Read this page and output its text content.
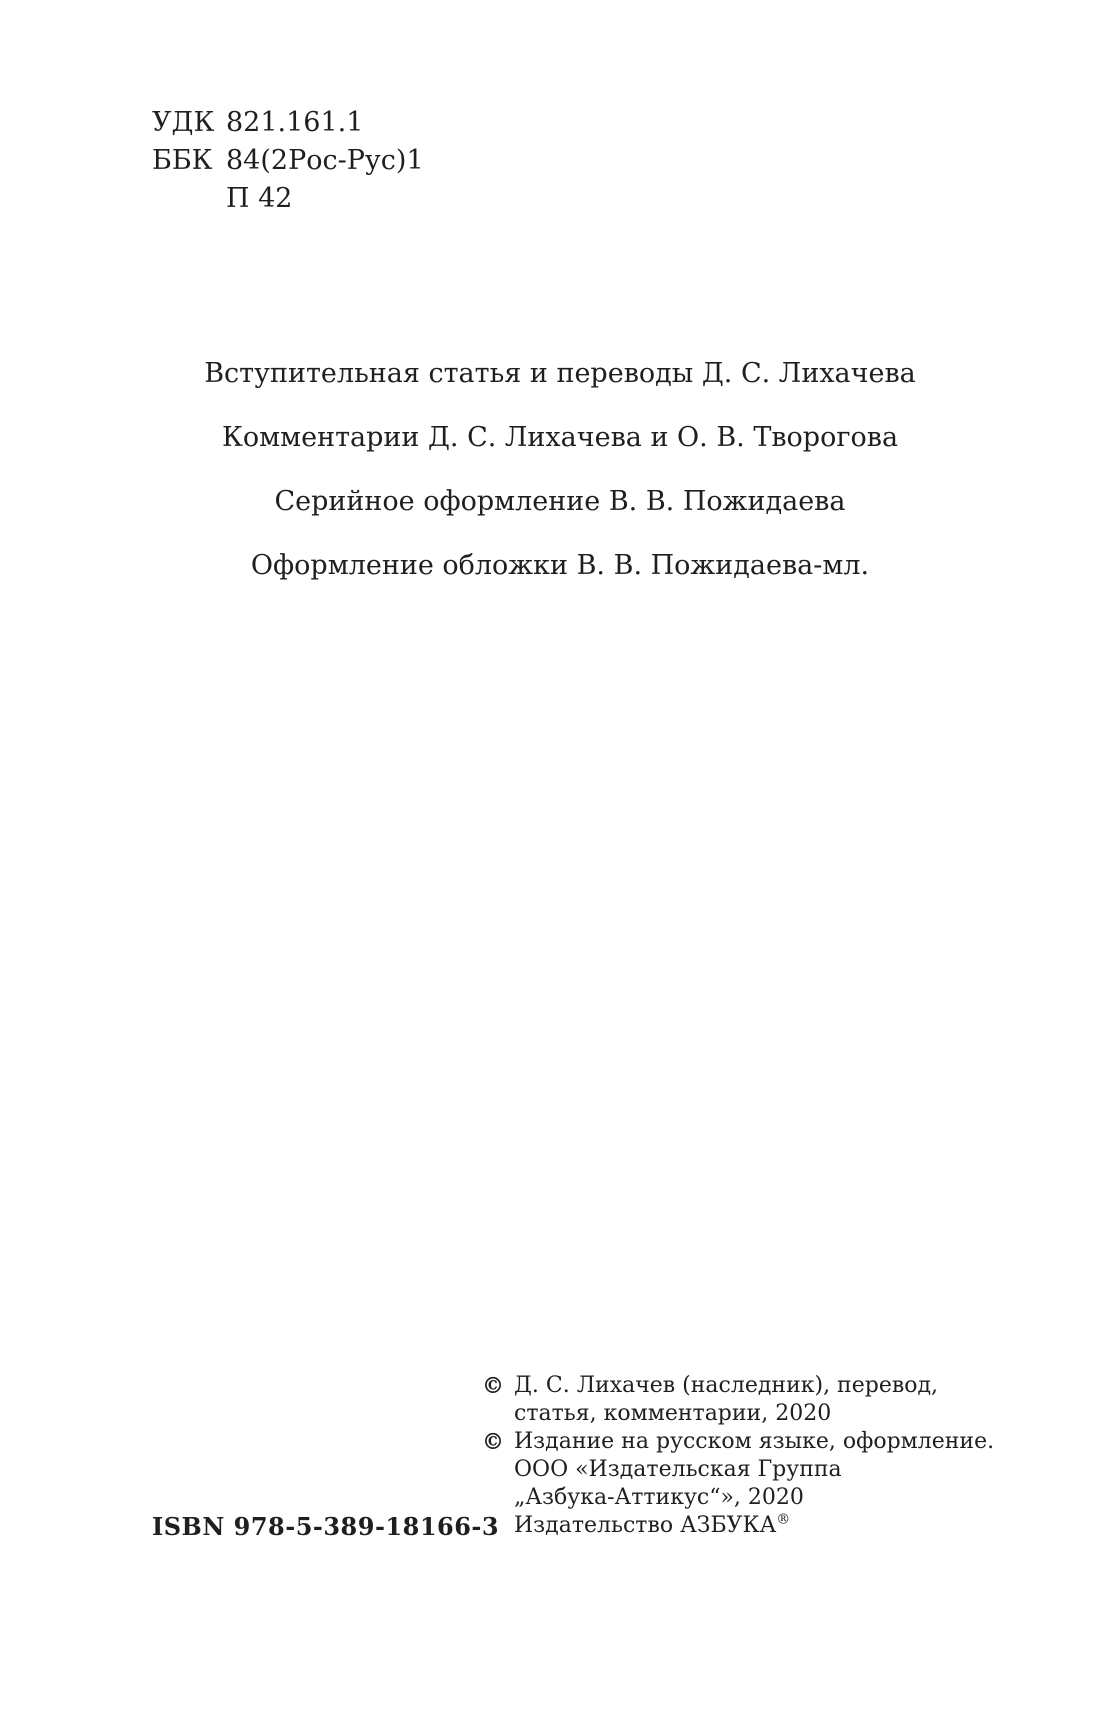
УДК 821.161.1
ББК 84(2Рос-Рус)1
П 42
Вступительная статья и переводы Д. С. Лихачева
Комментарии Д. С. Лихачева и О. В. Творогова
Серийное оформление В. В. Пожидаева
Оформление обложки В. В. Пожидаева-мл.
© Д. С. Лихачев (наследник), перевод,
статья, комментарии, 2020
© Издание на русском языке, оформление.
ООО «Издательская Группа
„Азбука-Аттикус“», 2020
Издательство АЗБУКА®
ISBN 978-5-389-18166-3
